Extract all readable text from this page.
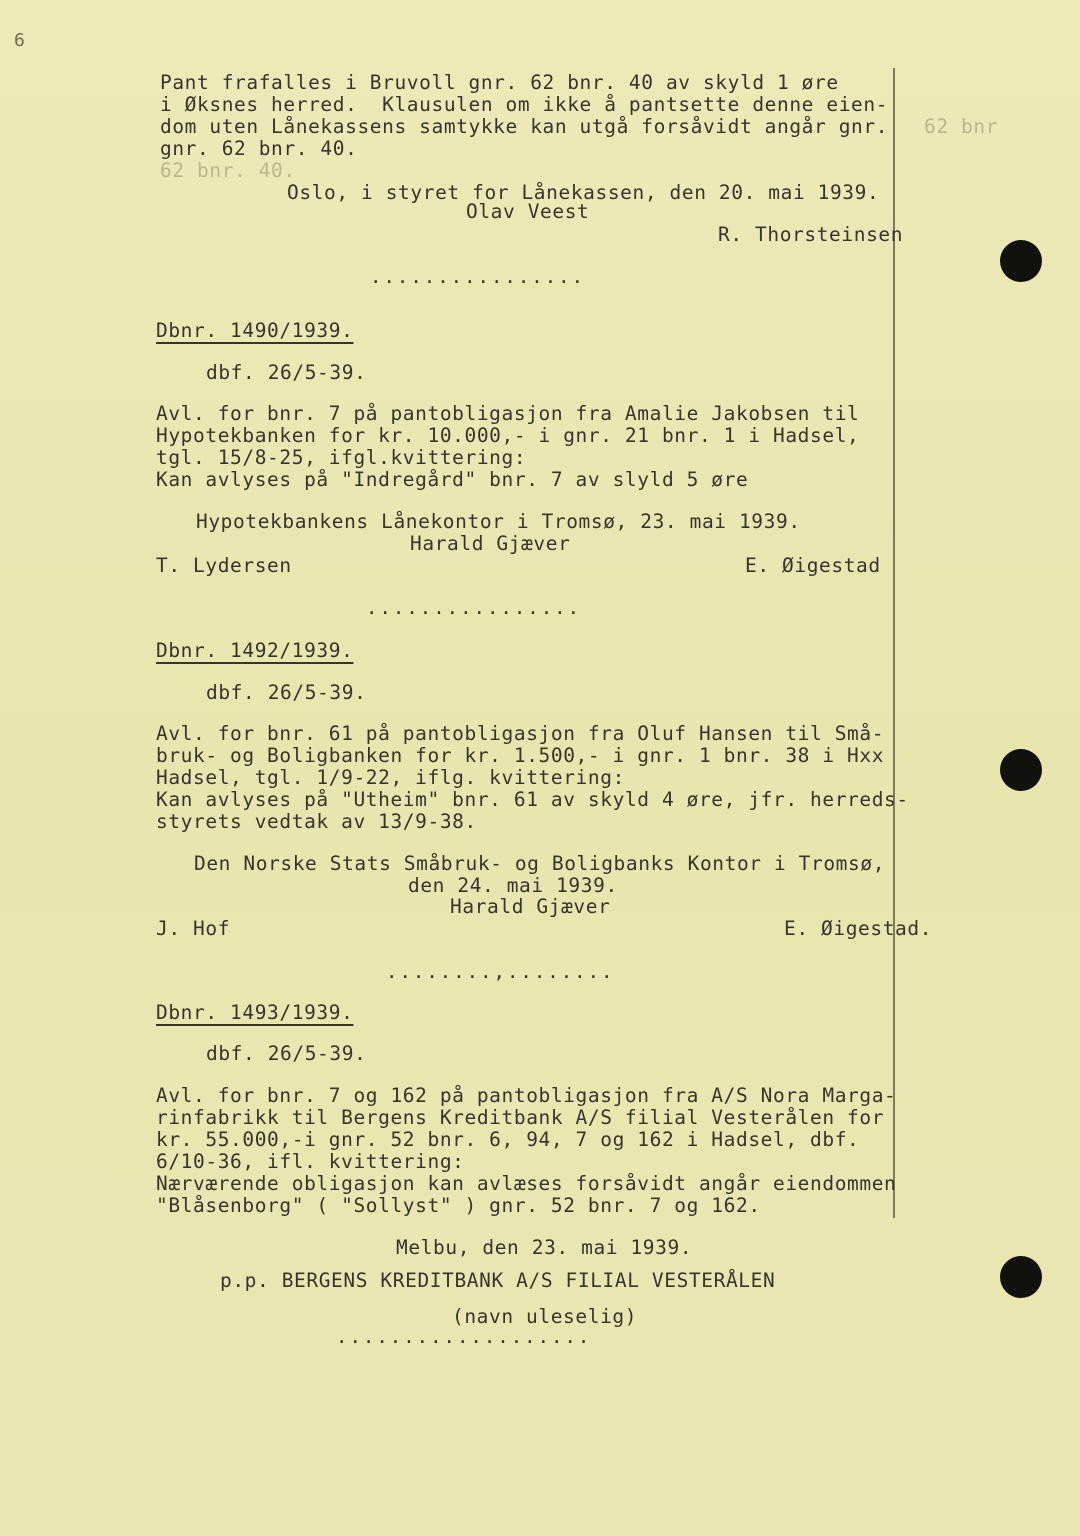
6
Pant frafalles i Bruvoll gnr. 62 bnr. 40 av skyld 1 øre
i Øksnes herred.  Klausulen om ikke å pantsette denne eien-
dom uten Lånekassens samtykke kan utgå forsåvidt angår gnr. 62 bnr
gnr. 62 bnr. 40.
62 bnr. 40.
Oslo, i styret for Lånekassen, den 20. mai 1939.
Olav Veest
R. Thorsteinsen
................
Dbnr. 1490/1939.
dbf. 26/5-39.
Avl. for bnr. 7 på pantobligasjon fra Amalie Jakobsen til
Hypotekbanken for kr. 10.000,- i gnr. 21 bnr. 1 i Hadsel,
tgl. 15/8-25, ifgl.kvittering:
Kan avlyses på "Indregård" bnr. 7 av slyld 5 øre
Hypotekbankens Lånekontor i Tromsø, 23. mai 1939.
Harald Gjæver
T. Lydersen	E. Øigestad
................
Dbnr. 1492/1939.
dbf. 26/5-39.
Avl. for bnr. 61 på pantobligasjon fra Oluf Hansen til Små-
bruk- og Boligbanken for kr. 1.500,- i gnr. 1 bnr. 38 i Hxx
Hadsel, tgl. 1/9-22, iflg. kvittering:
Kan avlyses på "Utheim" bnr. 61 av skyld 4 øre, jfr. herreds-
styrets vedtak av 13/9-38.
Den Norske Stats Småbruk- og Boligbanks Kontor i Tromsø,
den 24. mai 1939.
Harald Gjæver
J. Hof	E. Øigestad.
........,........
Dbnr. 1493/1939.
dbf. 26/5-39.
Avl. for bnr. 7 og 162 på pantobligasjon fra A/S Nora Marga-
rinfabrikk til Bergens Kreditbank A/S filial Vesterålen for
kr. 55.000,-i gnr. 52 bnr. 6, 94, 7 og 162 i Hadsel, dbf.
6/10-36, ifl. kvittering:
Nærværende obligasjon kan avlæses forsåvidt angår eiendommen
"Blåsenborg" ( "Sollyst" ) gnr. 52 bnr. 7 og 162.
Melbu, den 23. mai 1939.
p.p. BERGENS KREDITBANK A/S FILIAL VESTERÅLEN
(navn uleselig)
...................
